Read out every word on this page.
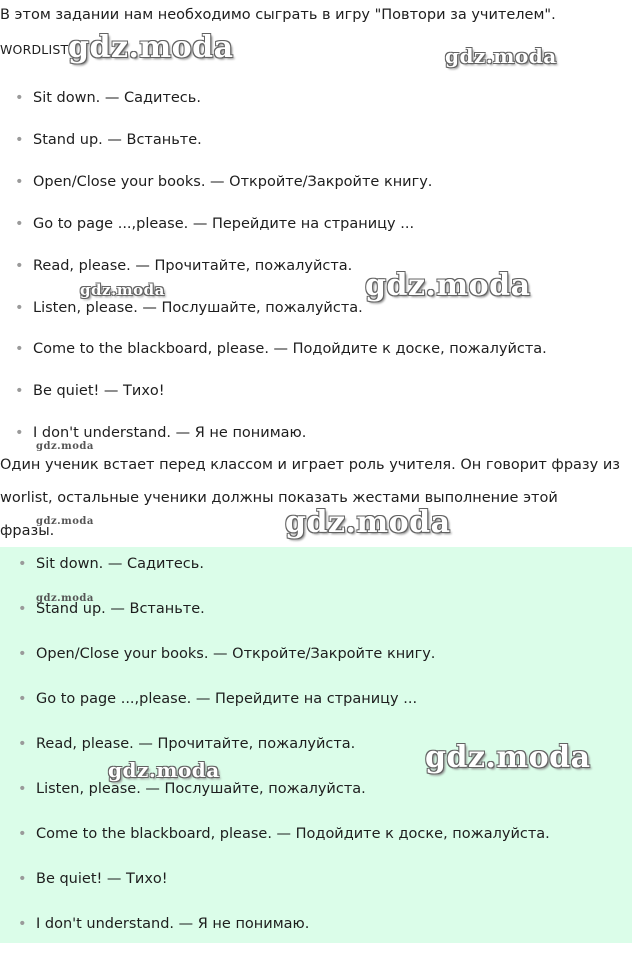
В этом задании нам необходимо сыграть в игру "Повтори за учителем".
WORDLIST
• Sit down. — Садитесь.
• Stand up. — Встаньте.
• Open/Close your books. — Откройте/Закройте книгу.
• Go to page ...,please. — Перейдите на страницу ...
• Read, please. — Прочитайте, пожалуйста.
• Listen, please. — Послушайте, пожалуйста.
• Come to the blackboard, please. — Подойдите к доске, пожалуйста.
• Be quiet! — Тихо!
• I don't understand. — Я не понимаю.
Один ученик встает перед классом и играет роль учителя. Он говорит фразу из
worlist, остальные ученики должны показать жестами выполнение этой
фразы.
• Sit down. — Садитесь.
• Stand up. — Встаньте.
• Open/Close your books. — Откройте/Закройте книгу.
• Go to page ...,please. — Перейдите на страницу ...
• Read, please. — Прочитайте, пожалуйста.
• Listen, please. — Послушайте, пожалуйста.
• Come to the blackboard, please. — Подойдите к доске, пожалуйста.
• Be quiet! — Тихо!
• I don't understand. — Я не понимаю.
gdz.moda	gdz.moda
gdz.moda	gdz.moda
gdz.moda
gdz.moda	gdz.moda
gdz.moda
gdz.moda	gdz.moda
